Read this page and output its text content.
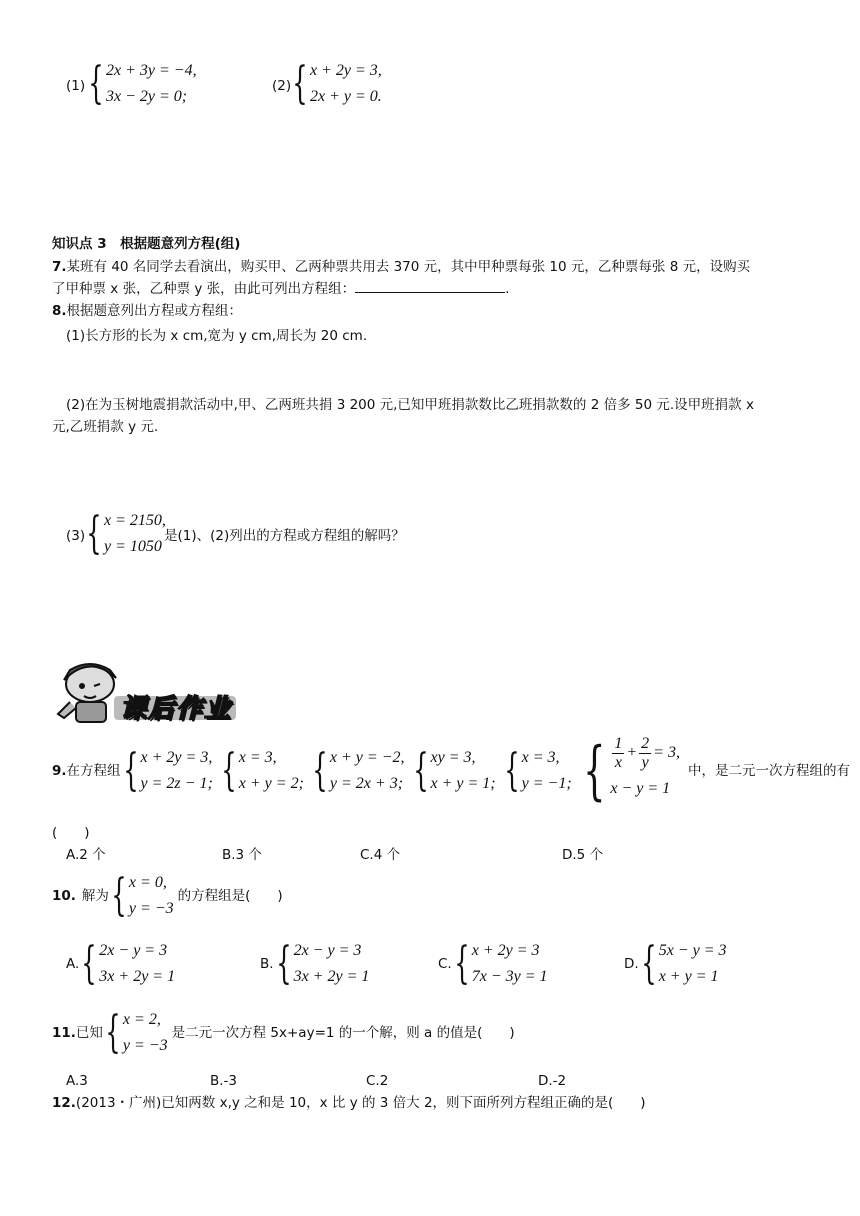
(1) { 2x + 3y = −4,
3x − 2y = 0;
(2) { x + 2y = 3,
2x + y = 0.
知识点 3　根据题意列方程(组)
7.某班有 40 名同学去看演出，购买甲、乙两种票共用去 370 元，其中甲种票每张 10 元，乙种票每张 8 元，设购买
了甲种票 x 张，乙种票 y 张，由此可列出方程组：	.
8.根据题意列出方程或方程组：
(1)长方形的长为 x cm,宽为 y cm,周长为 20 cm.
(2)在为玉树地震捐款活动中,甲、乙两班共捐 3 200 元,已知甲班捐款数比乙班捐款数的 2 倍多 50 元.设甲班捐款 x
元,乙班捐款 y 元.
(3) { x = 2150,
y = 1050
是(1)、(2)列出的方程或方程组的解吗？
课后作业
9. 在方程组 { x + 2y = 3,
y = 2z − 1; { x = 3,
x + y = 2; { x + y = −2,
y = 2x + 3; { xy = 3,
x + y = 1; { x = 3,
y = −1; { $\frac{1}{x} + \frac{2}{y} = 3$,
x − y = 1
中，是二元一次方程组的有
(　　)
A.2 个	B.3 个	C.4 个	D.5 个
10. 解为 { x = 0,
y = −3
的方程组是(　　)
A. { 2x − y = 3
3x + 2y = 1
B. { 2x − y = 3
3x + 2y = 1
C. { x + 2y = 3
7x − 3y = 1
D. { 5x − y = 3
x + y = 1
11. 已知 { x = 2,
y = −3
是二元一次方程 5x+ay=1 的一个解，则 a 的值是(　　)
A.3	B.-3	C.2	D.-2
12.(2013・广州)已知两数 x,y 之和是 10，x 比 y 的 3 倍大 2，则下面所列方程组正确的是(　　)
